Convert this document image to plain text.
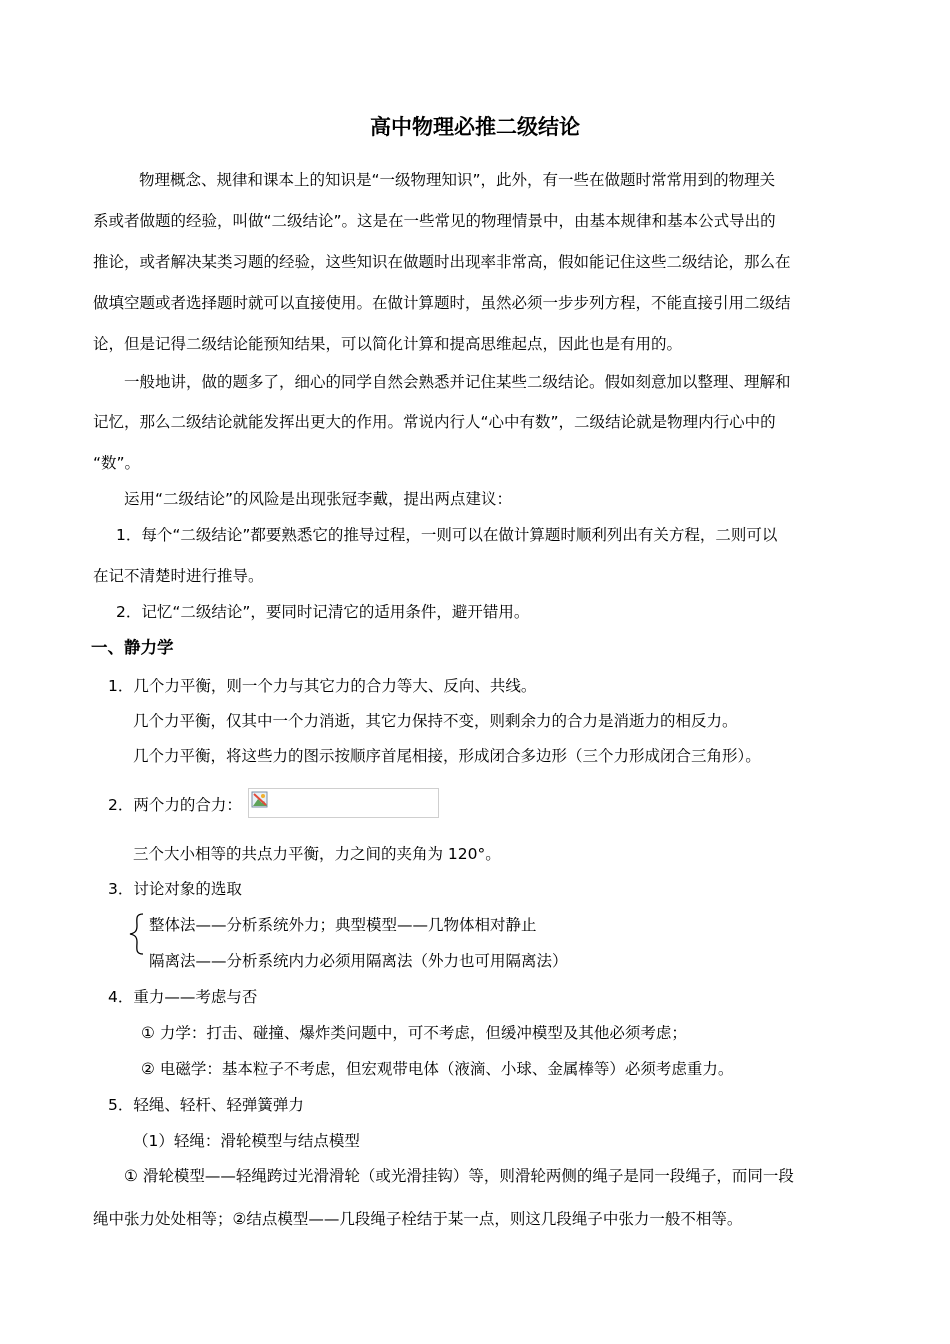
高中物理必推二级结论
物理概念、规律和课本上的知识是“一级物理知识”，此外，有一些在做题时常常用到的物理关
系或者做题的经验，叫做“二级结论”。这是在一些常见的物理情景中，由基本规律和基本公式导出的
推论，或者解决某类习题的经验，这些知识在做题时出现率非常高，假如能记住这些二级结论，那么在
做填空题或者选择题时就可以直接使用。在做计算题时，虽然必须一步步列方程，不能直接引用二级结
论，但是记得二级结论能预知结果，可以简化计算和提高思维起点，因此也是有用的。
一般地讲，做的题多了，细心的同学自然会熟悉并记住某些二级结论。假如刻意加以整理、理解和
记忆，那么二级结论就能发挥出更大的作用。常说内行人“心中有数”，二级结论就是物理内行心中的
“数”。
运用“二级结论”的风险是出现张冠李戴，提出两点建议：
1．每个“二级结论”都要熟悉它的推导过程，一则可以在做计算题时顺利列出有关方程，二则可以
在记不清楚时进行推导。
2．记忆“二级结论”，要同时记清它的适用条件，避开错用。
一、静力学
1．几个力平衡，则一个力与其它力的合力等大、反向、共线。
几个力平衡，仅其中一个力消逝，其它力保持不变，则剩余力的合力是消逝力的相反力。
几个力平衡，将这些力的图示按顺序首尾相接，形成闭合多边形（三个力形成闭合三角形）。
2．两个力的合力：
三个大小相等的共点力平衡，力之间的夹角为 120°。
3．讨论对象的选取
整体法——分析系统外力；典型模型——几物体相对静止
隔离法——分析系统内力必须用隔离法（外力也可用隔离法）
4．重力——考虑与否
① 力学：打击、碰撞、爆炸类问题中，可不考虑，但缓冲模型及其他必须考虑；
② 电磁学：基本粒子不考虑，但宏观带电体（液滴、小球、金属棒等）必须考虑重力。
5．轻绳、轻杆、轻弹簧弹力
（1）轻绳：滑轮模型与结点模型
① 滑轮模型——轻绳跨过光滑滑轮（或光滑挂钩）等，则滑轮两侧的绳子是同一段绳子，而同一段
绳中张力处处相等；②结点模型——几段绳子栓结于某一点，则这几段绳子中张力一般不相等。
